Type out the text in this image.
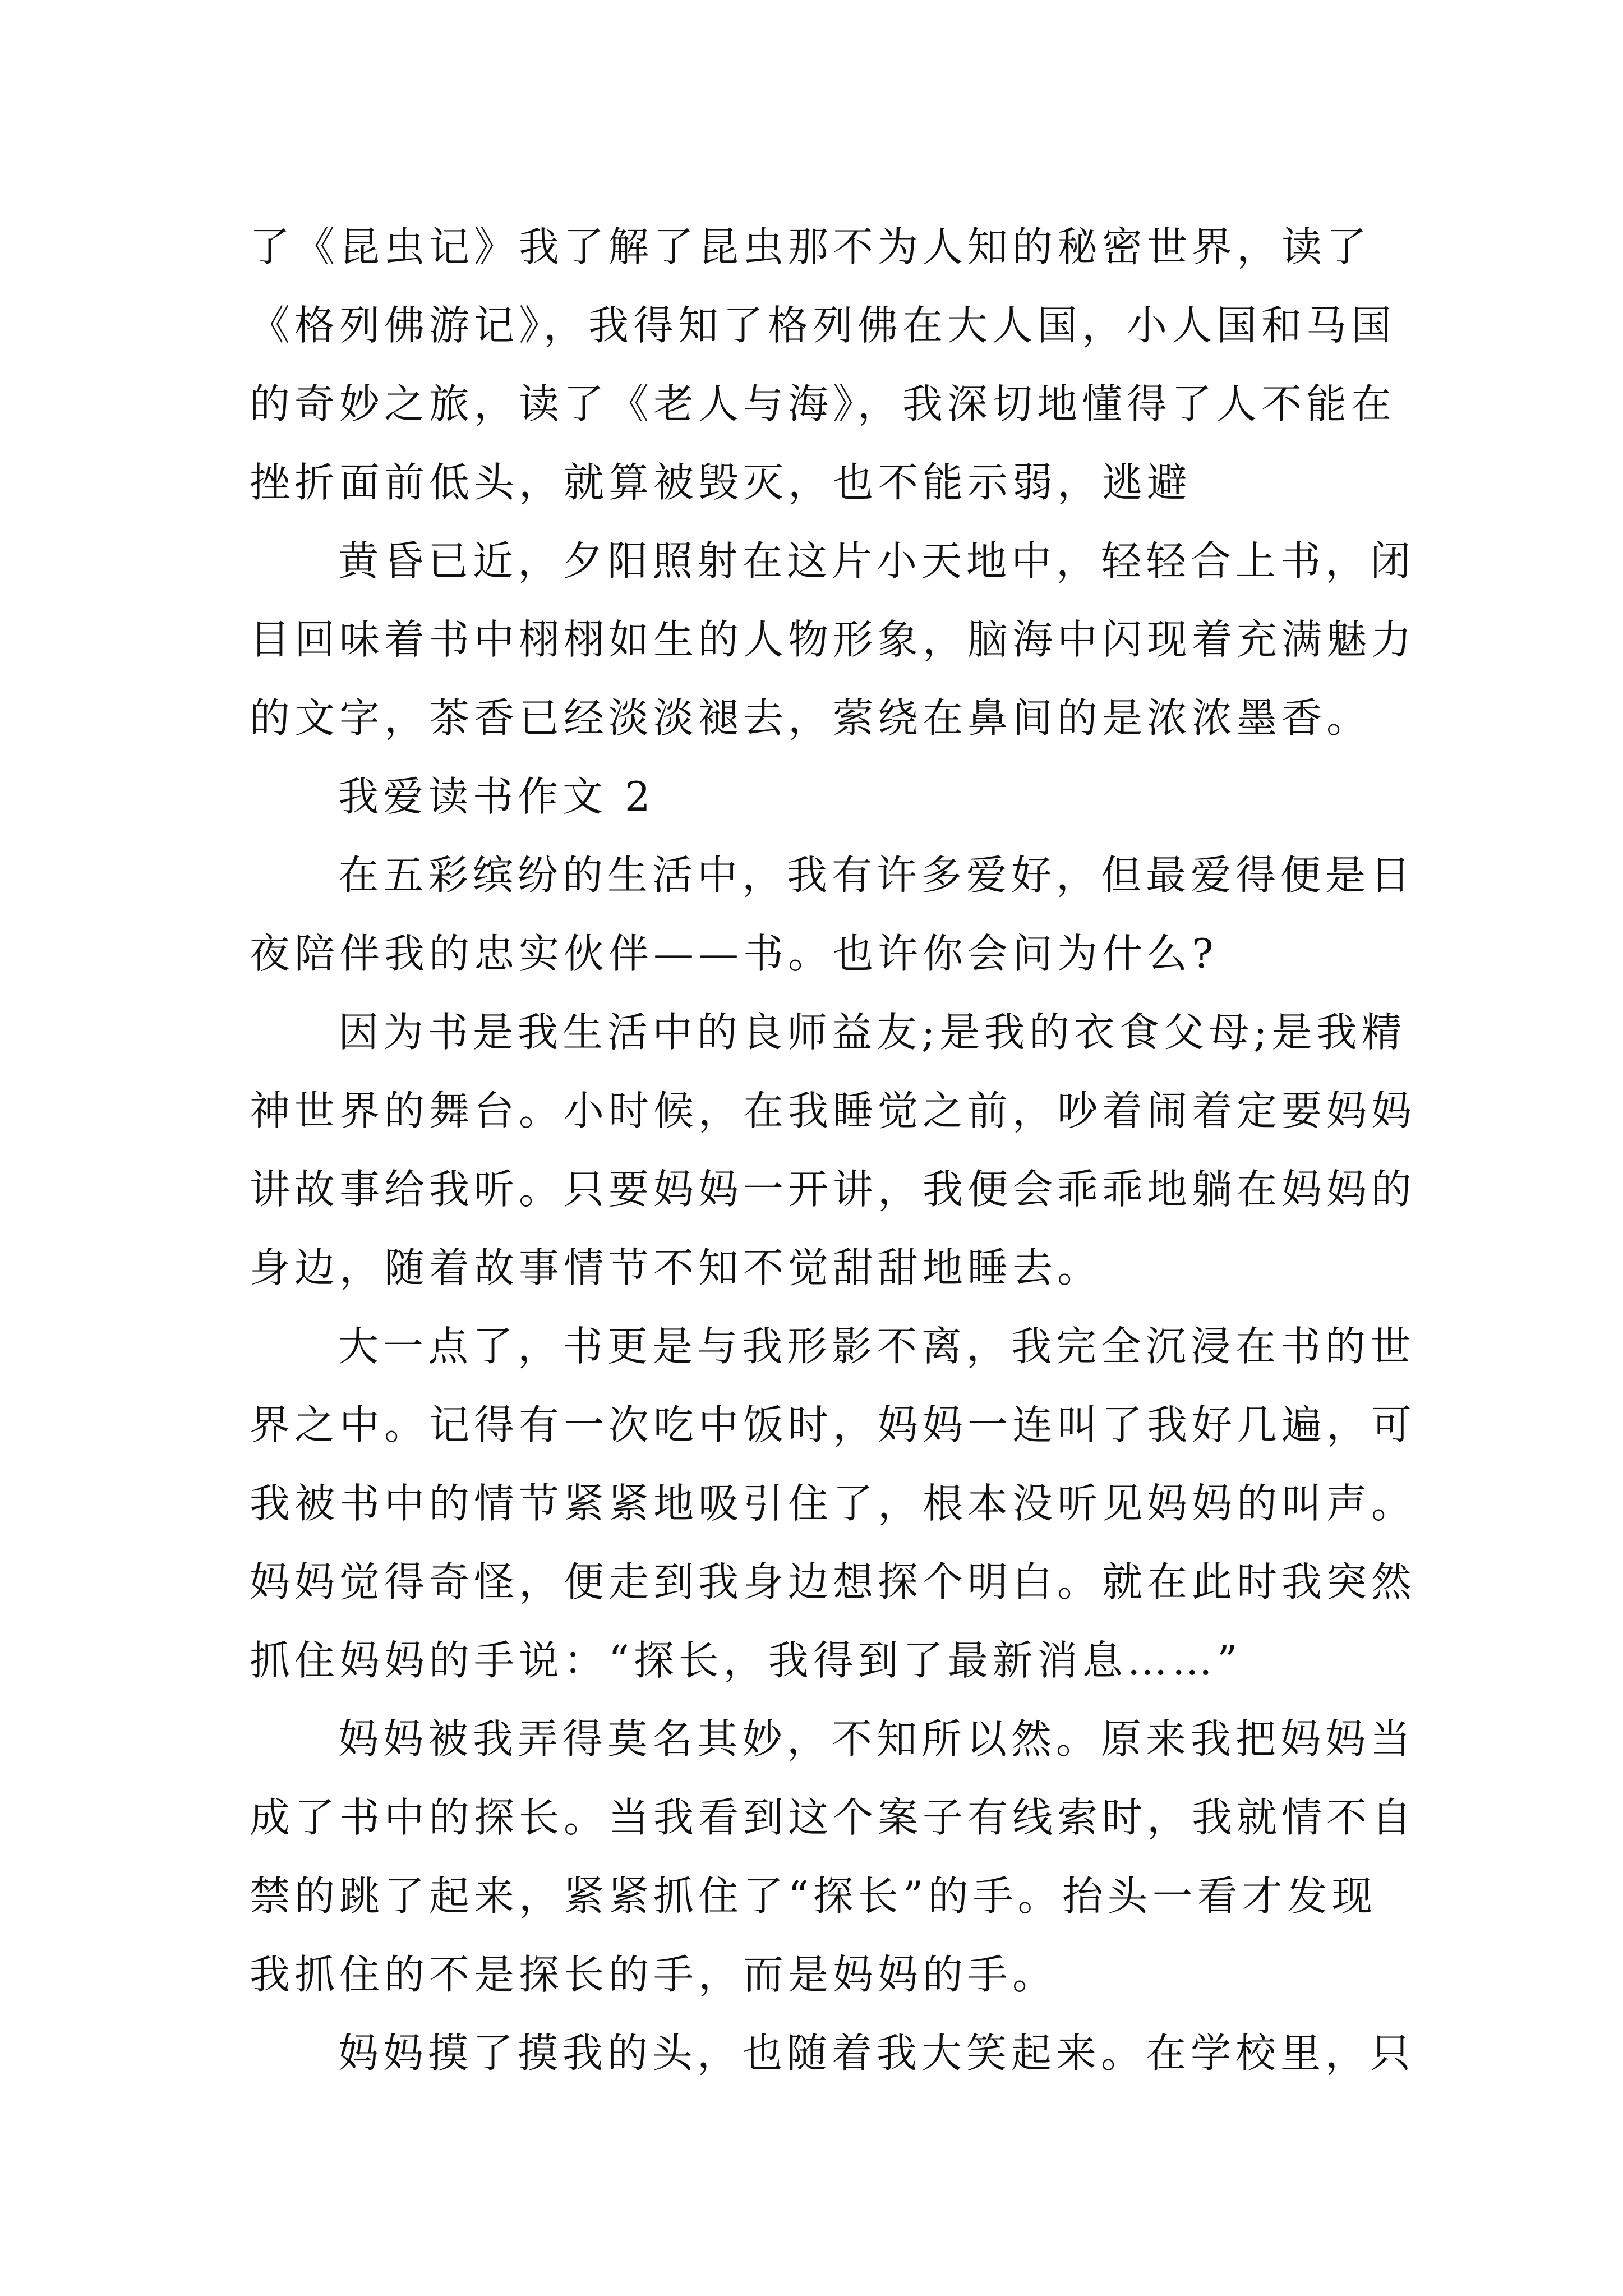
了《昆虫记》我了解了昆虫那不为人知的秘密世界，读了
《格列佛游记》，我得知了格列佛在大人国，小人国和马国
的奇妙之旅，读了《老人与海》，我深切地懂得了人不能在
挫折面前低头，就算被毁灭，也不能示弱，逃避
黄昏已近，夕阳照射在这片小天地中，轻轻合上书，闭
目回味着书中栩栩如生的人物形象，脑海中闪现着充满魅力
的文字，茶香已经淡淡褪去，萦绕在鼻间的是浓浓墨香。
我爱读书作文 2
在五彩缤纷的生活中，我有许多爱好，但最爱得便是日
夜陪伴我的忠实伙伴——书。也许你会问为什么?
因为书是我生活中的良师益友;是我的衣食父母;是我精
神世界的舞台。小时候，在我睡觉之前，吵着闹着定要妈妈
讲故事给我听。只要妈妈一开讲，我便会乖乖地躺在妈妈的
身边，随着故事情节不知不觉甜甜地睡去。
大一点了，书更是与我形影不离，我完全沉浸在书的世
界之中。记得有一次吃中饭时，妈妈一连叫了我好几遍，可
我被书中的情节紧紧地吸引住了，根本没听见妈妈的叫声。
妈妈觉得奇怪，便走到我身边想探个明白。就在此时我突然
抓住妈妈的手说：“探长，我得到了最新消息……”
妈妈被我弄得莫名其妙，不知所以然。原来我把妈妈当
成了书中的探长。当我看到这个案子有线索时，我就情不自
禁的跳了起来，紧紧抓住了“探长”的手。抬头一看才发现
我抓住的不是探长的手，而是妈妈的手。
妈妈摸了摸我的头，也随着我大笑起来。在学校里，只
